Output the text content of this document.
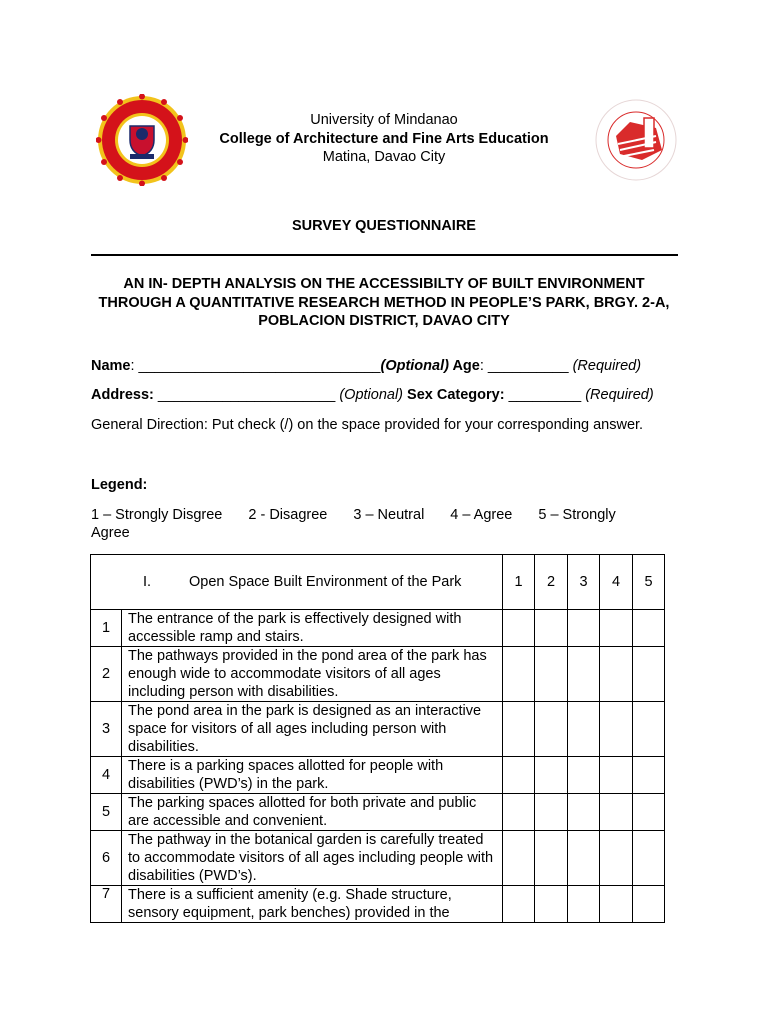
University of Mindanao
College of Architecture and Fine Arts Education
Matina, Davao City
SURVEY QUESTIONNAIRE
AN IN- DEPTH ANALYSIS ON THE ACCESSIBILTY OF BUILT ENVIRONMENT THROUGH A QUANTITATIVE RESEARCH METHOD IN PEOPLE’S PARK, BRGY. 2-A, POBLACION DISTRICT, DAVAO CITY
Name: ______________________________(Optional) Age: __________ (Required)
Address: ______________________ (Optional) Sex Category: _________ (Required)
General Direction: Put check (/) on the space provided for your corresponding answer.
Legend:
1 – Strongly Disgree 2 - Disagree 3 – Neutral 4 – Agree 5 – Strongly Agree
I. Open Space Built Environment of the Park		1	2	3	4	5
1	The entrance of the park is effectively designed with accessible ramp and stairs.					
2	The pathways provided in the pond area of the park has enough wide to accommodate visitors of all ages including person with disabilities.					
3	The pond area in the park is designed as an interactive space for visitors of all ages including person with disabilities.					
4	There is a parking spaces allotted for people with disabilities (PWD’s) in the park.					
5	The parking spaces allotted for both private and public are accessible and convenient.					
6	The pathway in the botanical garden is carefully treated to accommodate visitors of all ages including people with disabilities (PWD’s).					
7	There is a sufficient amenity (e.g. Shade structure, sensory equipment, park benches) provided in the					
